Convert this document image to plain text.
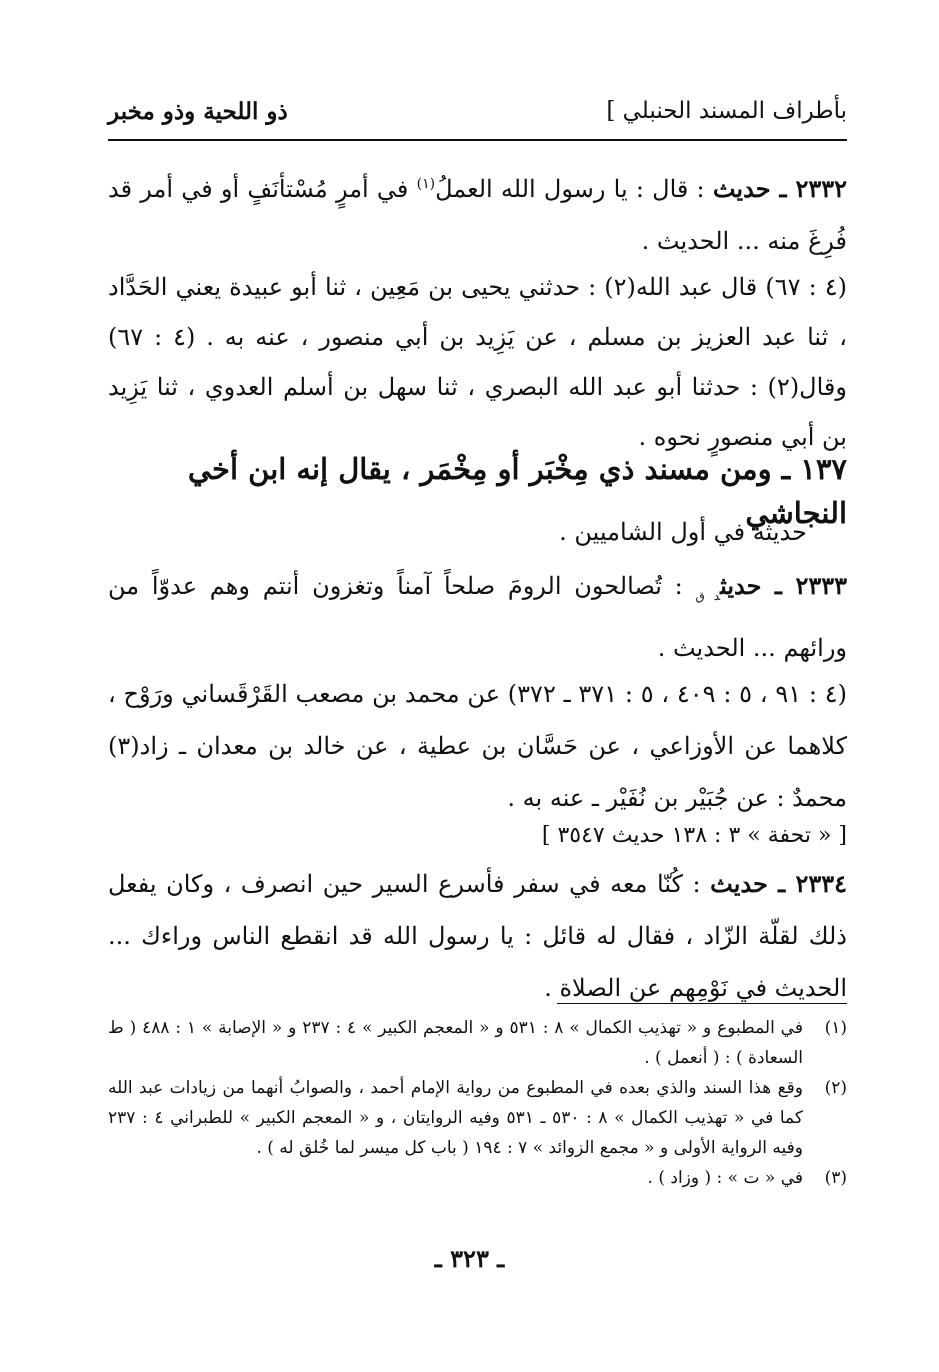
بأطراف المسند الحنبلي ]
ذو اللحية وذو مخبر
٢٣٣٢ ـ حديث : قال : يا رسول الله العملُ$^{(١)}$ في أمرٍ مُسْتأنَفٍ أو في أمر قد فُرِغَ منه ... الحديث .
(٤ : ٦٧) قال عبد الله(٢) : حدثني يحيى بن مَعِين ، ثنا أبو عبيدة يعني الحَدَّاد ، ثنا عبد العزيز بن مسلم ، عن يَزِيد بن أبي منصور ، عنه به . (٤ : ٦٧) وقال(٢) : حدثنا أبو عبد الله البصري ، ثنا سهل بن أسلم العدوي ، ثنا يَزِيد بن أبي منصورٍ نحوه .
١٣٧ ـ ومن مسند ذي مِخْبَر أو مِخْمَر ، يقال إنه ابن أخي النجاشي
حديثه في أول الشاميين .
٢٣٣٣ ـ حديث$_{د ق}$ : تُصالحون الرومَ صلحاً آمناً وتغزون أنتم وهم عدوّاً من ورائهم ... الحديث .
(٤ : ٩١ ، ٥ : ٤٠٩ ، ٥ : ٣٧١ ـ ٣٧٢) عن محمد بن مصعب القَرْقَساني ورَوْح ، كلاهما عن الأوزاعي ، عن حَسَّان بن عطية ، عن خالد بن معدان ـ زاد(٣) محمدٌ : عن جُبَيْر بن نُفَيْر ـ عنه به .
[ « تحفة » ٣ : ١٣٨ حديث ٣٥٤٧ ]
٢٣٣٤ ـ حديث : كُنّا معه في سفر فأسرع السير حين انصرف ، وكان يفعل ذلك لقلّة الزّاد ، فقال له قائل : يا رسول الله قد انقطع الناس وراءك ... الحديث في نَوْمِهم عن الصلاة .
(١)
في المطبوع و « تهذيب الكمال » ٨ : ٥٣١ و « المعجم الكبير » ٤ : ٢٣٧ و « الإصابة » ١ : ٤٨٨ ( ط السعادة ) : ( أنعمل ) .
(٢)
وقع هذا السند والذي بعده في المطبوع من رواية الإمام أحمد ، والصوابُ أنهما من زيادات عبد الله كما في « تهذيب الكمال » ٨ : ٥٣٠ ـ ٥٣١ وفيه الروايتان ، و « المعجم الكبير » للطبراني ٤ : ٢٣٧ وفيه الرواية الأولى و « مجمع الزوائد » ٧ : ١٩٤ ( باب كل ميسر لما خُلق له ) .
(٣)
في « ت » : ( وزاد ) .
ـ ٣٢٣ ـ
